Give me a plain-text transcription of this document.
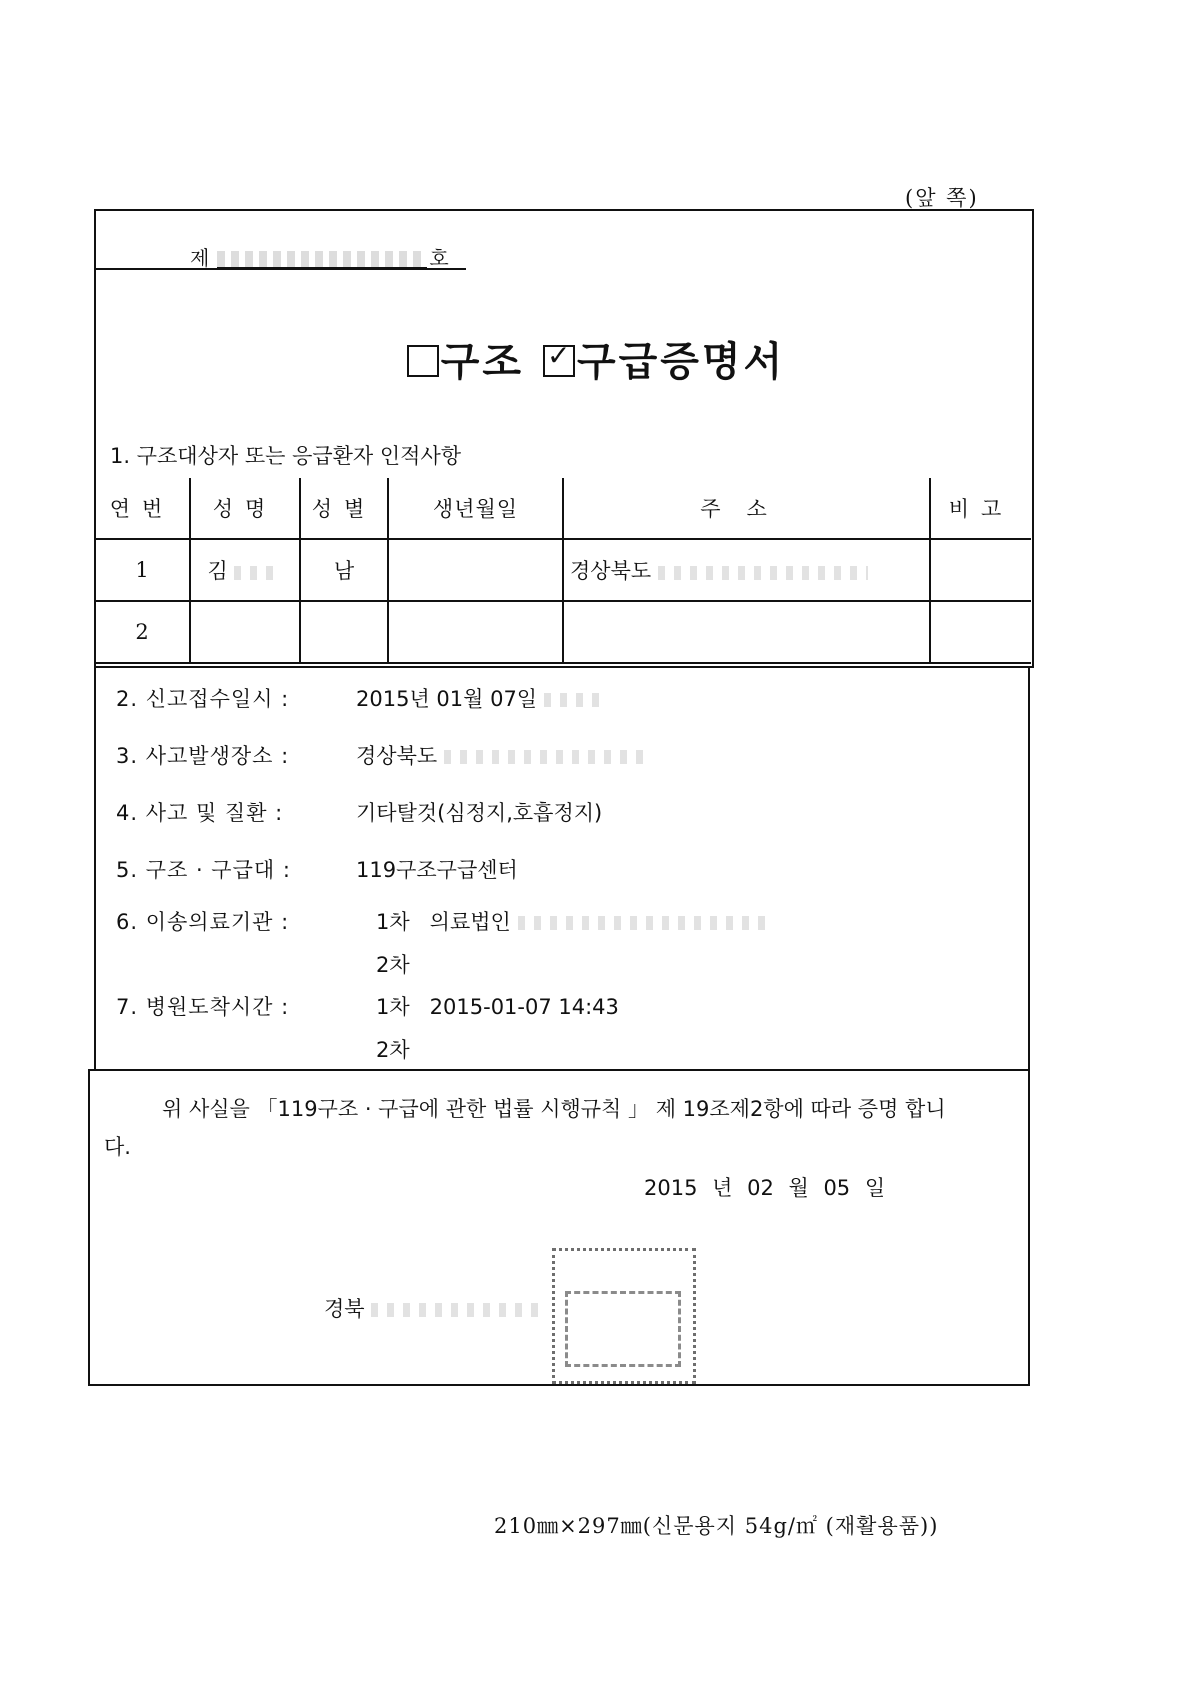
(앞 쪽)
제	호
구조 ✓ 구급증명서
1. 구조대상자 또는 응급환자 인적사항
연번	성명	성별	생년월일	주소	비고
1	김	남		경상북도	
2					
2. 신고접수일시 :	2015년 01월 07일
3. 사고발생장소 :	경상북도
4. 사고 및 질환 :	기타탈것(심정지,호흡정지)
5. 구조 · 구급대 :	119구조구급센터
6. 이송의료기관 :	1차   의료법인
2차
7. 병원도착시간 :	1차   2015-01-07 14:43
2차
위 사실을 「119구조 · 구급에 관한 법률 시행규칙 」 제 19조제2항에 따라 증명 합니다.
2015 년 02 월 05 일
경북
210㎜×297㎜(신문용지 54g/㎡ (재활용품))
